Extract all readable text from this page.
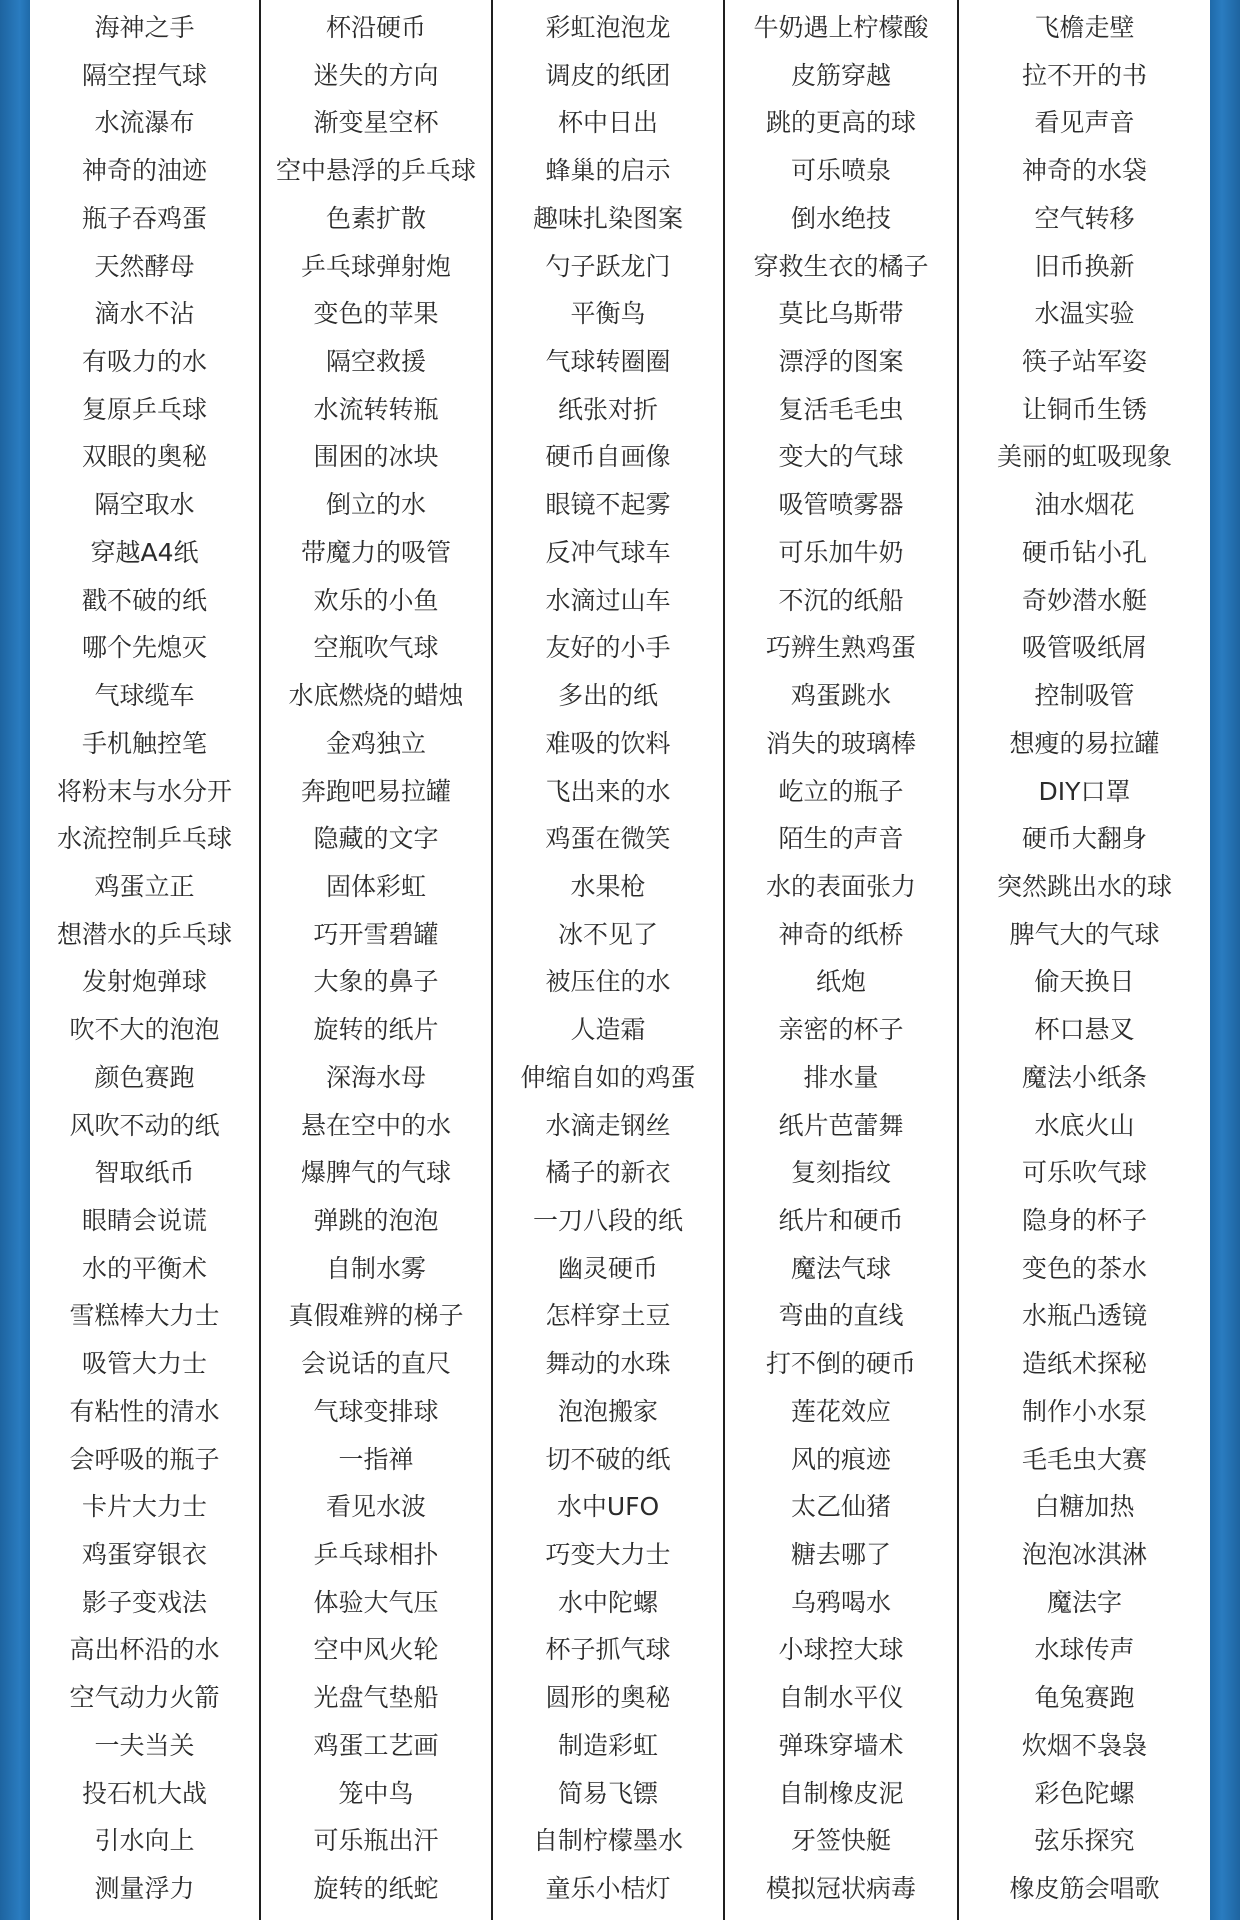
海神之手
隔空捏气球
水流瀑布
神奇的油迹
瓶子吞鸡蛋
天然酵母
滴水不沾
有吸力的水
复原乒乓球
双眼的奥秘
隔空取水
穿越A4纸
戳不破的纸
哪个先熄灭
气球缆车
手机触控笔
将粉末与水分开
水流控制乒乓球
鸡蛋立正
想潜水的乒乓球
发射炮弹球
吹不大的泡泡
颜色赛跑
风吹不动的纸
智取纸币
眼睛会说谎
水的平衡术
雪糕棒大力士
吸管大力士
有粘性的清水
会呼吸的瓶子
卡片大力士
鸡蛋穿银衣
影子变戏法
高出杯沿的水
空气动力火箭
一夫当关
投石机大战
引水向上
测量浮力
杯沿硬币
迷失的方向
渐变星空杯
空中悬浮的乒乓球
色素扩散
乒乓球弹射炮
变色的苹果
隔空救援
水流转转瓶
围困的冰块
倒立的水
带魔力的吸管
欢乐的小鱼
空瓶吹气球
水底燃烧的蜡烛
金鸡独立
奔跑吧易拉罐
隐藏的文字
固体彩虹
巧开雪碧罐
大象的鼻子
旋转的纸片
深海水母
悬在空中的水
爆脾气的气球
弹跳的泡泡
自制水雾
真假难辨的梯子
会说话的直尺
气球变排球
一指禅
看见水波
乒乓球相扑
体验大气压
空中风火轮
光盘气垫船
鸡蛋工艺画
笼中鸟
可乐瓶出汗
旋转的纸蛇
彩虹泡泡龙
调皮的纸团
杯中日出
蜂巢的启示
趣味扎染图案
勺子跃龙门
平衡鸟
气球转圈圈
纸张对折
硬币自画像
眼镜不起雾
反冲气球车
水滴过山车
友好的小手
多出的纸
难吸的饮料
飞出来的水
鸡蛋在微笑
水果枪
冰不见了
被压住的水
人造霜
伸缩自如的鸡蛋
水滴走钢丝
橘子的新衣
一刀八段的纸
幽灵硬币
怎样穿土豆
舞动的水珠
泡泡搬家
切不破的纸
水中UFO
巧变大力士
水中陀螺
杯子抓气球
圆形的奥秘
制造彩虹
简易飞镖
自制柠檬墨水
童乐小桔灯
牛奶遇上柠檬酸
皮筋穿越
跳的更高的球
可乐喷泉
倒水绝技
穿救生衣的橘子
莫比乌斯带
漂浮的图案
复活毛毛虫
变大的气球
吸管喷雾器
可乐加牛奶
不沉的纸船
巧辨生熟鸡蛋
鸡蛋跳水
消失的玻璃棒
屹立的瓶子
陌生的声音
水的表面张力
神奇的纸桥
纸炮
亲密的杯子
排水量
纸片芭蕾舞
复刻指纹
纸片和硬币
魔法气球
弯曲的直线
打不倒的硬币
莲花效应
风的痕迹
太乙仙猪
糖去哪了
乌鸦喝水
小球控大球
自制水平仪
弹珠穿墙术
自制橡皮泥
牙签快艇
模拟冠状病毒
飞檐走壁
拉不开的书
看见声音
神奇的水袋
空气转移
旧币换新
水温实验
筷子站军姿
让铜币生锈
美丽的虹吸现象
油水烟花
硬币钻小孔
奇妙潜水艇
吸管吸纸屑
控制吸管
想瘦的易拉罐
DIY口罩
硬币大翻身
突然跳出水的球
脾气大的气球
偷天换日
杯口悬叉
魔法小纸条
水底火山
可乐吹气球
隐身的杯子
变色的茶水
水瓶凸透镜
造纸术探秘
制作小水泵
毛毛虫大赛
白糖加热
泡泡冰淇淋
魔法字
水球传声
龟兔赛跑
炊烟不袅袅
彩色陀螺
弦乐探究
橡皮筋会唱歌
